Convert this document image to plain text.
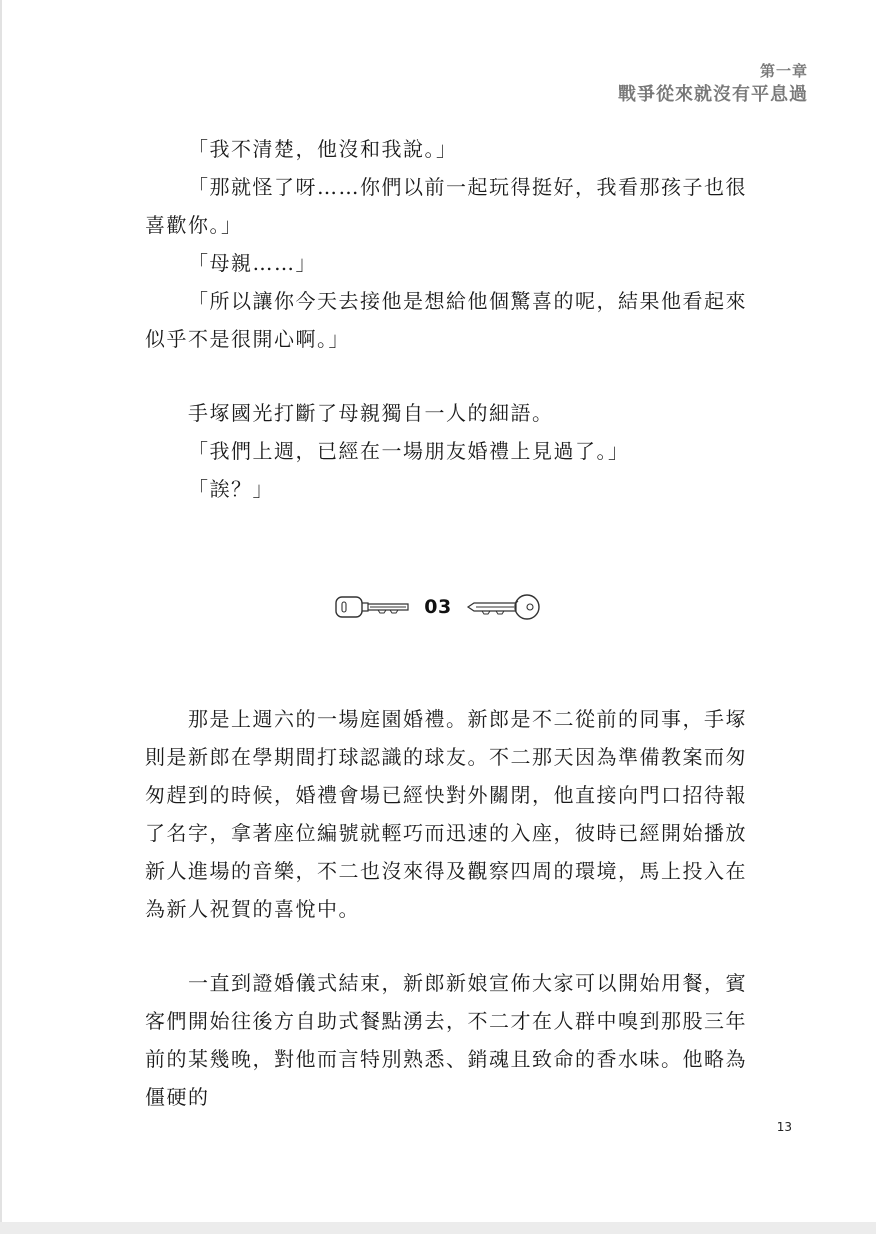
第一章
戰爭從來就沒有平息過

「我不清楚，他沒和我說。」

「那就怪了呀……你們以前一起玩得挺好，我看那孩子也很喜歡你。」

「母親……」

「所以讓你今天去接他是想給他個驚喜的呢，結果他看起來似乎不是很開心啊。」

手塚國光打斷了母親獨自一人的細語。

「我們上週，已經在一場朋友婚禮上見過了。」

「誒？」

03

那是上週六的一場庭園婚禮。新郎是不二從前的同事，手塚則是新郎在學期間打球認識的球友。不二那天因為準備教案而匆匆趕到的時候，婚禮會場已經快對外關閉，他直接向門口招待報了名字，拿著座位編號就輕巧而迅速的入座，彼時已經開始播放新人進場的音樂，不二也沒來得及觀察四周的環境，馬上投入在為新人祝賀的喜悅中。

一直到證婚儀式結束，新郎新娘宣佈大家可以開始用餐，賓客們開始往後方自助式餐點湧去，不二才在人群中嗅到那股三年前的某幾晚，對他而言特別熟悉、銷魂且致命的香水味。他略為僵硬的

13
